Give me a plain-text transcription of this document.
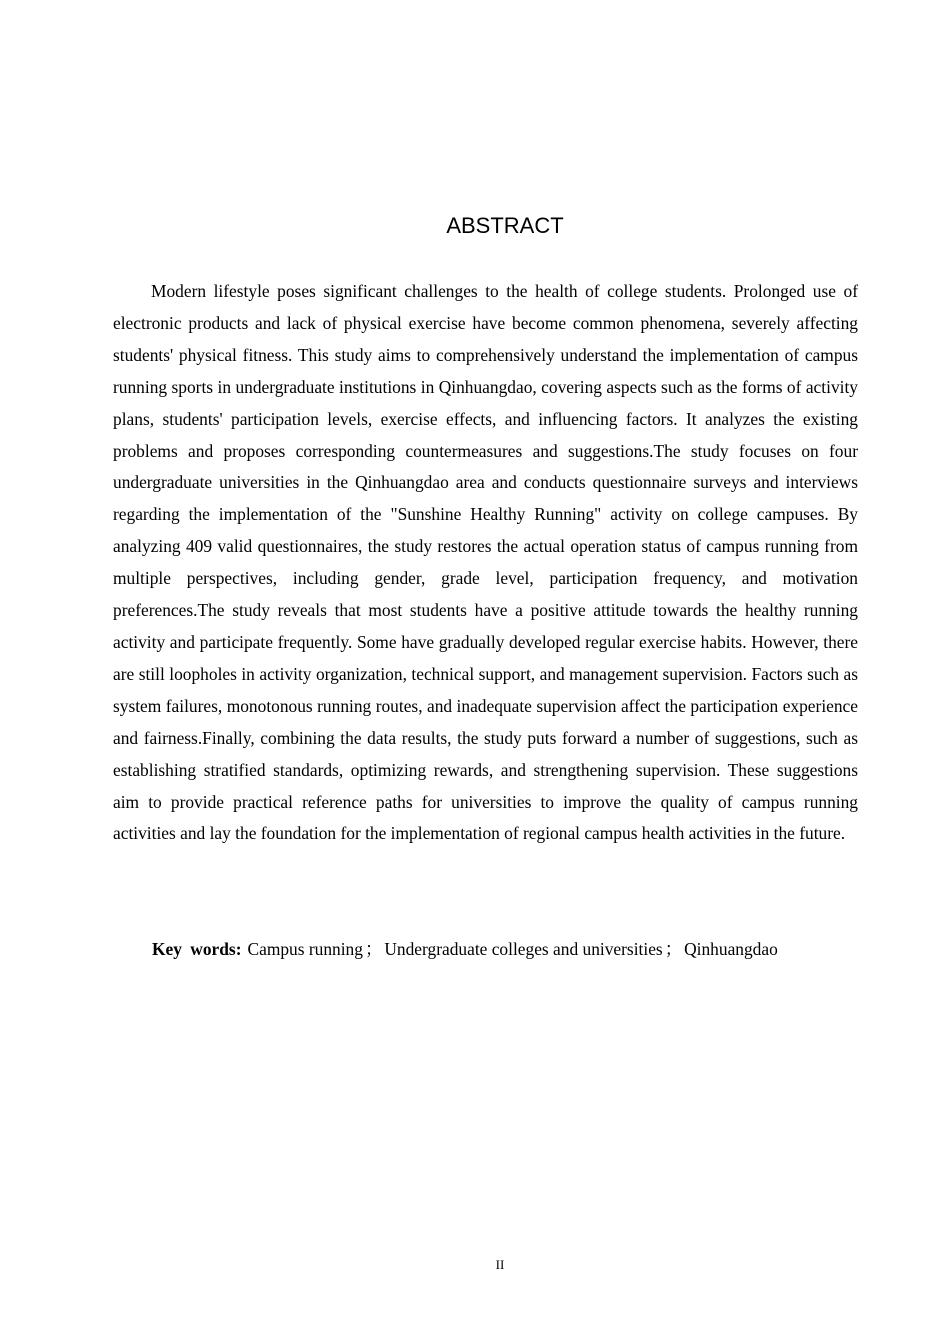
ABSTRACT

Modern lifestyle poses significant challenges to the health of college students. Prolonged use of electronic products and lack of physical exercise have become common phenomena, severely affecting students' physical fitness. This study aims to comprehensively understand the implementation of campus running sports in undergraduate institutions in Qinhuangdao, covering aspects such as the forms of activity plans, students' participation levels, exercise effects, and influencing factors. It analyzes the existing problems and proposes corresponding countermeasures and suggestions.The study focuses on four undergraduate universities in the Qinhuangdao area and conducts questionnaire surveys and interviews regarding the implementation of the "Sunshine Healthy Running" activity on college campuses. By analyzing 409 valid questionnaires, the study restores the actual operation status of campus running from multiple perspectives, including gender, grade level, participation frequency, and motivation preferences.The study reveals that most students have a positive attitude towards the healthy running activity and participate frequently. Some have gradually developed regular exercise habits. However, there are still loopholes in activity organization, technical support, and management supervision. Factors such as system failures, monotonous running routes, and inadequate supervision affect the participation experience and fairness.Finally, combining the data results, the study puts forward a number of suggestions, such as establishing stratified standards, optimizing rewards, and strengthening supervision. These suggestions aim to provide practical reference paths for universities to improve the quality of campus running activities and lay the foundation for the implementation of regional campus health activities in the future.

Key words: Campus running ； Undergraduate colleges and universities ； Qinhuangdao

II
